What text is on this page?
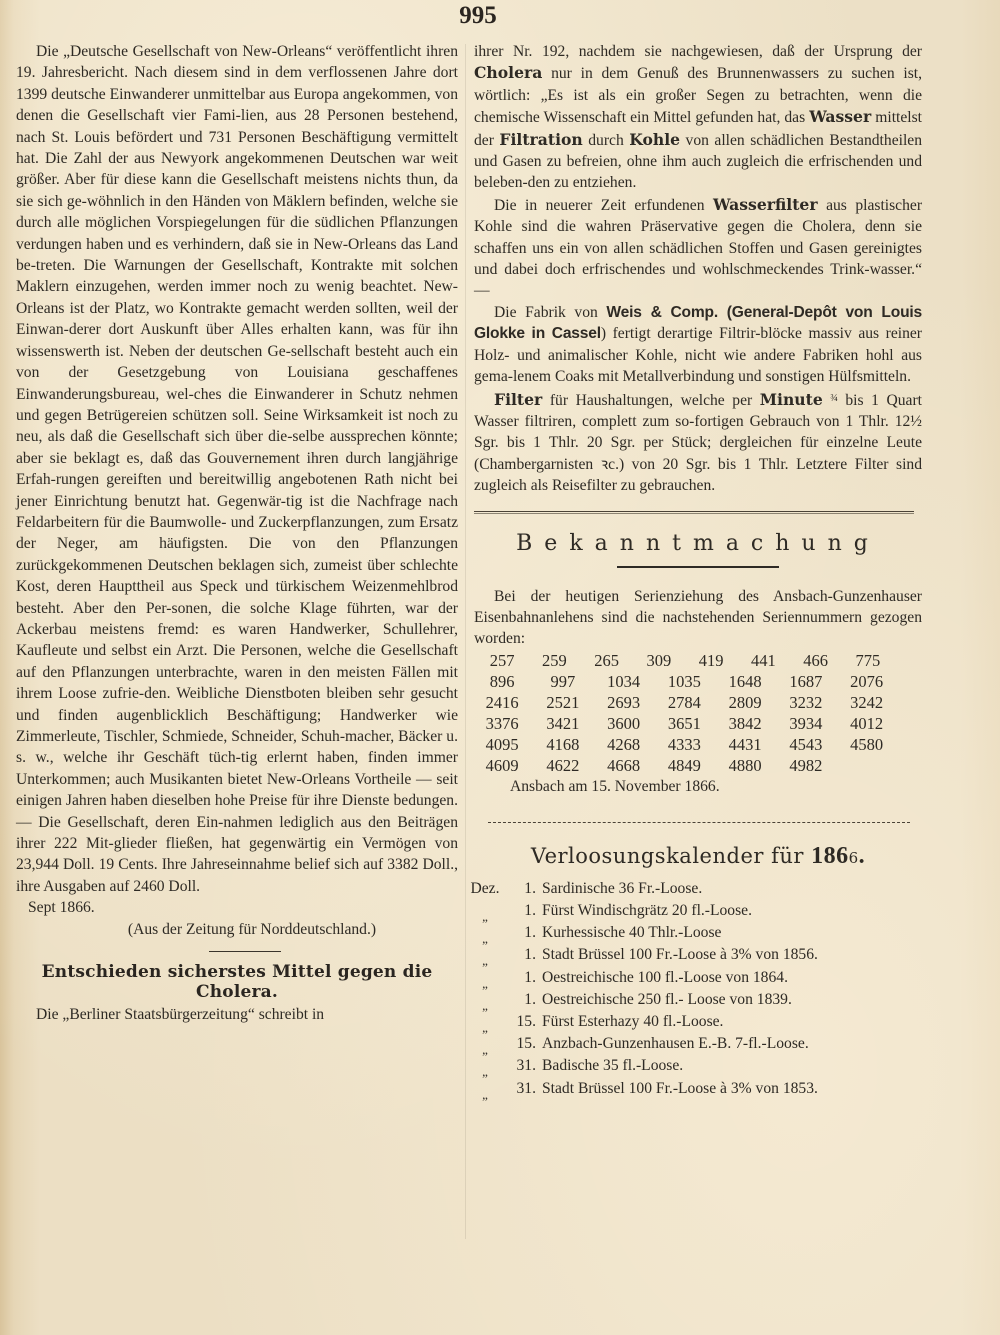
995

Die „Deutsche Gesellschaft von New-Orleans“ veröffentlicht ihren 19. Jahresbericht. Nach diesem sind in dem verflossenen Jahre dort 1399 deutsche Einwanderer unmittelbar aus Europa angekommen, von denen die Gesellschaft vier Fami-lien, aus 28 Personen bestehend, nach St. Louis befördert und 731 Personen Beschäftigung vermittelt hat. Die Zahl der aus Newyork angekommenen Deutschen war weit größer. Aber für diese kann die Gesellschaft meistens nichts thun, da sie sich ge-wöhnlich in den Händen von Mäklern befinden, welche sie durch alle möglichen Vorspiegelungen für die südlichen Pflanzungen verdungen haben und es verhindern, daß sie in New-Orleans das Land be-treten. Die Warnungen der Gesellschaft, Kontrakte mit solchen Maklern einzugehen, werden immer noch zu wenig beachtet. New-Orleans ist der Platz, wo Kontrakte gemacht werden sollten, weil der Einwan-derer dort Auskunft über Alles erhalten kann, was für ihn wissenswerth ist. Neben der deutschen Ge-sellschaft besteht auch ein von der Gesetzgebung von Louisiana geschaffenes Einwanderungsbureau, wel-ches die Einwanderer in Schutz nehmen und gegen Betrügereien schützen soll. Seine Wirksamkeit ist noch zu neu, als daß die Gesellschaft sich über die-selbe aussprechen könnte; aber sie beklagt es, daß das Gouvernement ihren durch langjährige Erfah-rungen gereiften und bereitwillig angebotenen Rath nicht bei jener Einrichtung benutzt hat. Gegenwär-tig ist die Nachfrage nach Feldarbeitern für die Baumwolle- und Zuckerpflanzungen, zum Ersatz der Neger, am häufigsten. Die von den Pflanzungen zurückgekommenen Deutschen beklagen sich, zumeist über schlechte Kost, deren Haupttheil aus Speck und türkischem Weizenmehlbrod besteht. Aber den Per-sonen, die solche Klage führten, war der Ackerbau meistens fremd: es waren Handwerker, Schullehrer, Kaufleute und selbst ein Arzt. Die Personen, welche die Gesellschaft auf den Pflanzungen unterbrachte, waren in den meisten Fällen mit ihrem Loose zufrie-den. Weibliche Dienstboten bleiben sehr gesucht und finden augenblicklich Beschäftigung; Handwerker wie Zimmerleute, Tischler, Schmiede, Schneider, Schuh-macher, Bäcker u. s. w., welche ihr Geschäft tüch-tig erlernt haben, finden immer Unterkommen; auch Musikanten bietet New-Orleans Vortheile — seit einigen Jahren haben dieselben hohe Preise für ihre Dienste bedungen. — Die Gesellschaft, deren Ein-nahmen lediglich aus den Beiträgen ihrer 222 Mit-glieder fließen, hat gegenwärtig ein Vermögen von 23,944 Doll. 19 Cents. Ihre Jahreseinnahme belief sich auf 3382 Doll., ihre Ausgaben auf 2460 Doll.

Sept 1866.

(Aus der Zeitung für Norddeutschland.)

Entschieden sicherstes Mittel gegen die
Cholera.

Die „Berliner Staatsbürgerzeitung“ schreibt in

ihrer Nr. 192, nachdem sie nachgewiesen, daß der Ursprung der Cholera nur in dem Genuß des Brunnenwassers zu suchen ist, wörtlich: „Es ist als ein großer Segen zu betrachten, wenn die chemische Wissenschaft ein Mittel gefunden hat, das Wasser mittelst der Filtration durch Kohle von allen schädlichen Bestandtheilen und Gasen zu befreien, ohne ihm auch zugleich die erfrischenden und beleben-den zu entziehen.

Die in neuerer Zeit erfundenen Wasserfilter aus plastischer Kohle sind die wahren Präservative gegen die Cholera, denn sie schaffen uns ein von allen schädlichen Stoffen und Gasen gereinigtes und dabei doch erfrischendes und wohlschmeckendes Trink-wasser.“ —

Die Fabrik von Weis & Comp. (General-Depôt von Louis Glokke in Cassel) fertigt derartige Filtrir-blöcke massiv aus reiner Holz- und animalischer Kohle, nicht wie andere Fabriken hohl aus gema-lenem Coaks mit Metallverbindung und sonstigen Hülfsmitteln.

Filter für Haushaltungen, welche per Minute $^{\frac{3}{4}}$ bis 1 Quart Wasser filtriren, complett zum so-fortigen Gebrauch von 1 Thlr. 12½ Sgr. bis 1 Thlr. 20 Sgr. per Stück; dergleichen für einzelne Leute (Chambergarnisten ꝛc.) von 20 Sgr. bis 1 Thlr. Letztere Filter sind zugleich als Reisefilter zu gebrauchen.

Bekanntmachung

Bei der heutigen Serienziehung des Ansbach-Gunzenhauser Eisenbahnanlehens sind die nachstehenden Seriennummern gezogen worden:

257	259	265	309	419	441	466	775
896	997	1034	1035	1648	1687	2076
2416	2521	2693	2784	2809	3232	3242
3376	3421	3600	3651	3842	3934	4012
4095	4168	4268	4333	4431	4543	4580
4609	4622	4668	4849	4880	4982

Ansbach am 15. November 1866.

Verloosungskalender für 1866.
Dez.	1. Sardinische 36 Fr.-Loose.
„	1. Fürst Windischgrätz 20 fl.-Loose.
„	1. Kurhessische 40 Thlr.-Loose
„	1. Stadt Brüssel 100 Fr.-Loose à 3% von 1856.
„	1. Oestreichische 100 fl.-Loose von 1864.
„	1. Oestreichische 250 fl.- Loose von 1839.
„	15. Fürst Esterhazy 40 fl.-Loose.
„	15. Anzbach-Gunzenhausen E.-B. 7-fl.-Loose.
„	31. Badische 35 fl.-Loose.
„	31. Stadt Brüssel 100 Fr.-Loose à 3% von 1853.
